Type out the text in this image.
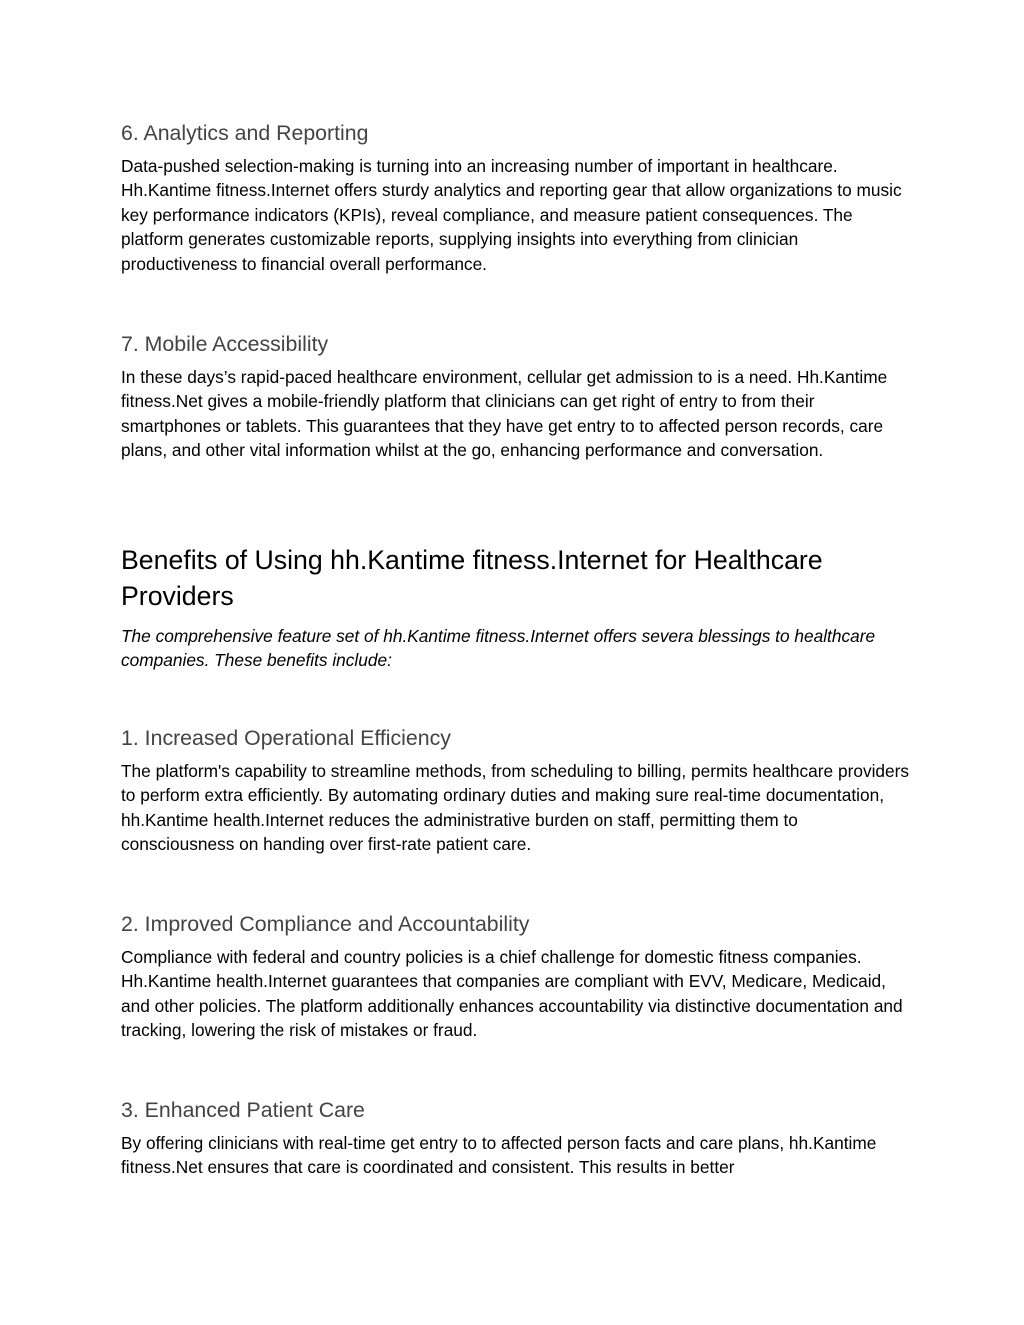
6. Analytics and Reporting

Data-pushed selection-making is turning into an increasing number of important in healthcare. Hh.Kantime fitness.Internet offers sturdy analytics and reporting gear that allow organizations to music key performance indicators (KPIs), reveal compliance, and measure patient consequences. The platform generates customizable reports, supplying insights into everything from clinician productiveness to financial overall performance.

7. Mobile Accessibility

In these days’s rapid-paced healthcare environment, cellular get admission to is a need. Hh.Kantime fitness.Net gives a mobile-friendly platform that clinicians can get right of entry to from their smartphones or tablets. This guarantees that they have get entry to to affected person records, care plans, and other vital information whilst at the go, enhancing performance and conversation.

Benefits of Using hh.Kantime fitness.Internet for Healthcare Providers

The comprehensive feature set of hh.Kantime fitness.Internet offers severa blessings to healthcare companies. These benefits include:

1. Increased Operational Efficiency

The platform's capability to streamline methods, from scheduling to billing, permits healthcare providers to perform extra efficiently. By automating ordinary duties and making sure real-time documentation, hh.Kantime health.Internet reduces the administrative burden on staff, permitting them to consciousness on handing over first-rate patient care.

2. Improved Compliance and Accountability

Compliance with federal and country policies is a chief challenge for domestic fitness companies. Hh.Kantime health.Internet guarantees that companies are compliant with EVV, Medicare, Medicaid, and other policies. The platform additionally enhances accountability via distinctive documentation and tracking, lowering the risk of mistakes or fraud.

3. Enhanced Patient Care

By offering clinicians with real-time get entry to to affected person facts and care plans, hh.Kantime fitness.Net ensures that care is coordinated and consistent. This results in better
